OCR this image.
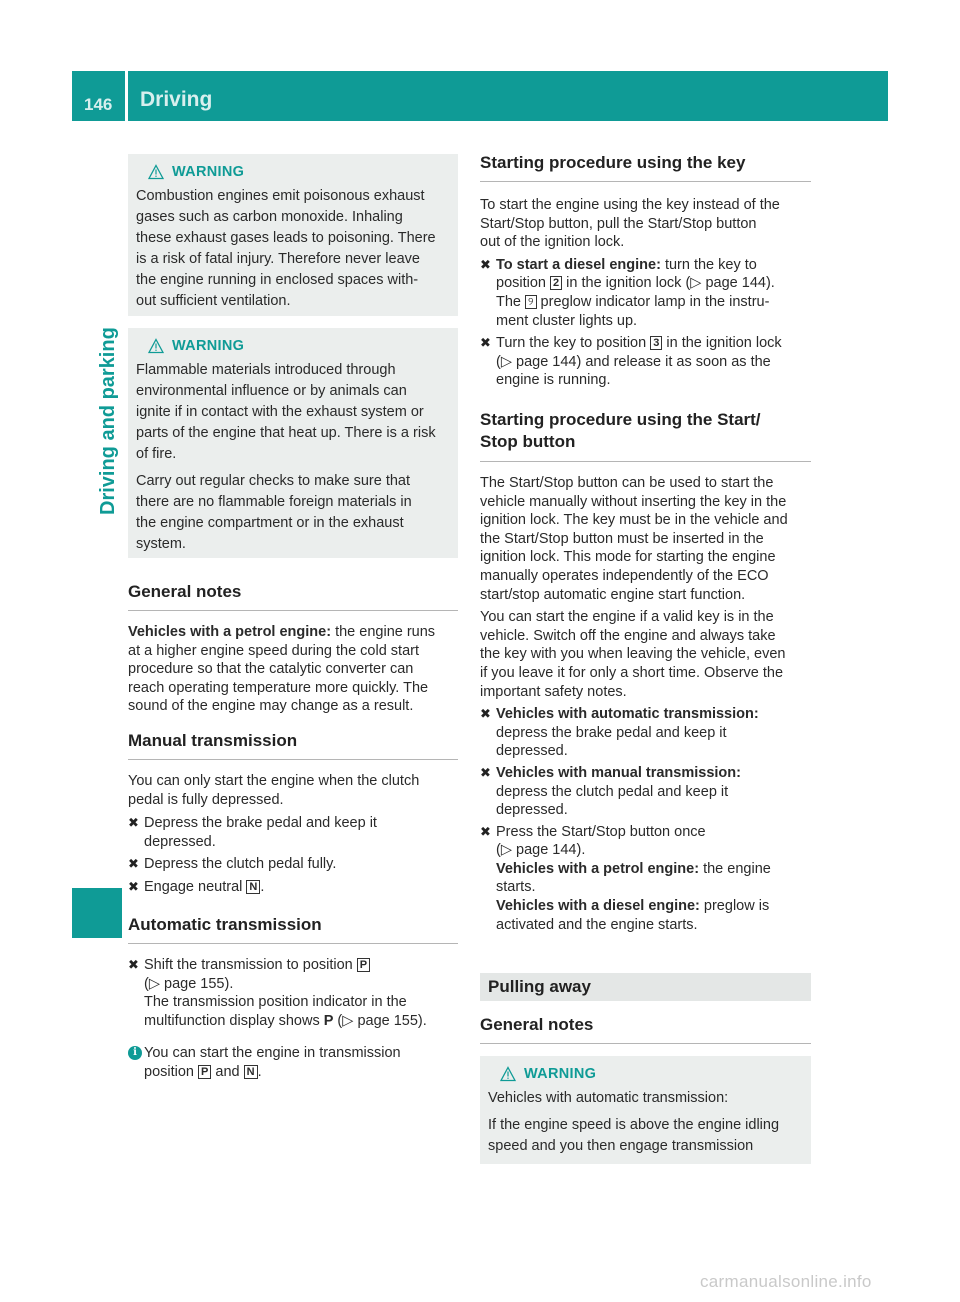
146 Driving
Driving and parking
WARNING

Combustion engines emit poisonous exhaust
gases such as carbon monoxide. Inhaling
these exhaust gases leads to poisoning. There
is a risk of fatal injury. Therefore never leave
the engine running in enclosed spaces with-
out sufficient ventilation.

WARNING

Flammable materials introduced through
environmental influence or by animals can
ignite if in contact with the exhaust system or
parts of the engine that heat up. There is a risk
of fire.

Carry out regular checks to make sure that
there are no flammable foreign materials in
the engine compartment or in the exhaust
system.

General notes

Vehicles with a petrol engine: the engine runs
at a higher engine speed during the cold start
procedure so that the catalytic converter can
reach operating temperature more quickly. The
sound of the engine may change as a result.

Manual transmission

You can only start the engine when the clutch
pedal is fully depressed.

✖ Depress the brake pedal and keep it
depressed.
✖ Depress the clutch pedal fully.
✖ Engage neutral N .
Automatic transmission
✖ Shift the transmission to position P
(▷ page 155).
The transmission position indicator in the
multifunction display shows P (▷ page 155).
i You can start the engine in transmission
position P and N .
Starting procedure using the key

To start the engine using the key instead of the
Start/Stop button, pull the Start/Stop button
out of the ignition lock.

✖ To start a diesel engine: turn the key to
position 2 in the ignition lock (▷ page 144).
The ୨ preglow indicator lamp in the instru-
ment cluster lights up.
✖ Turn the key to position 3 in the ignition lock
(▷ page 144) and release it as soon as the
engine is running.
Starting procedure using the Start/
Stop button

The Start/Stop button can be used to start the
vehicle manually without inserting the key in the
ignition lock. The key must be in the vehicle and
the Start/Stop button must be inserted in the
ignition lock. This mode for starting the engine
manually operates independently of the ECO
start/stop automatic engine start function.

You can start the engine if a valid key is in the
vehicle. Switch off the engine and always take
the key with you when leaving the vehicle, even
if you leave it for only a short time. Observe the
important safety notes.

✖ Vehicles with automatic transmission:
depress the brake pedal and keep it
depressed.
✖ Vehicles with manual transmission:
depress the clutch pedal and keep it
depressed.
✖ Press the Start/Stop button once
(▷ page 144).
Vehicles with a petrol engine: the engine
starts.
Vehicles with a diesel engine: preglow is
activated and the engine starts.
Pulling away
General notes
WARNING

Vehicles with automatic transmission:

If the engine speed is above the engine idling
speed and you then engage transmission

carmanualsonline.info
